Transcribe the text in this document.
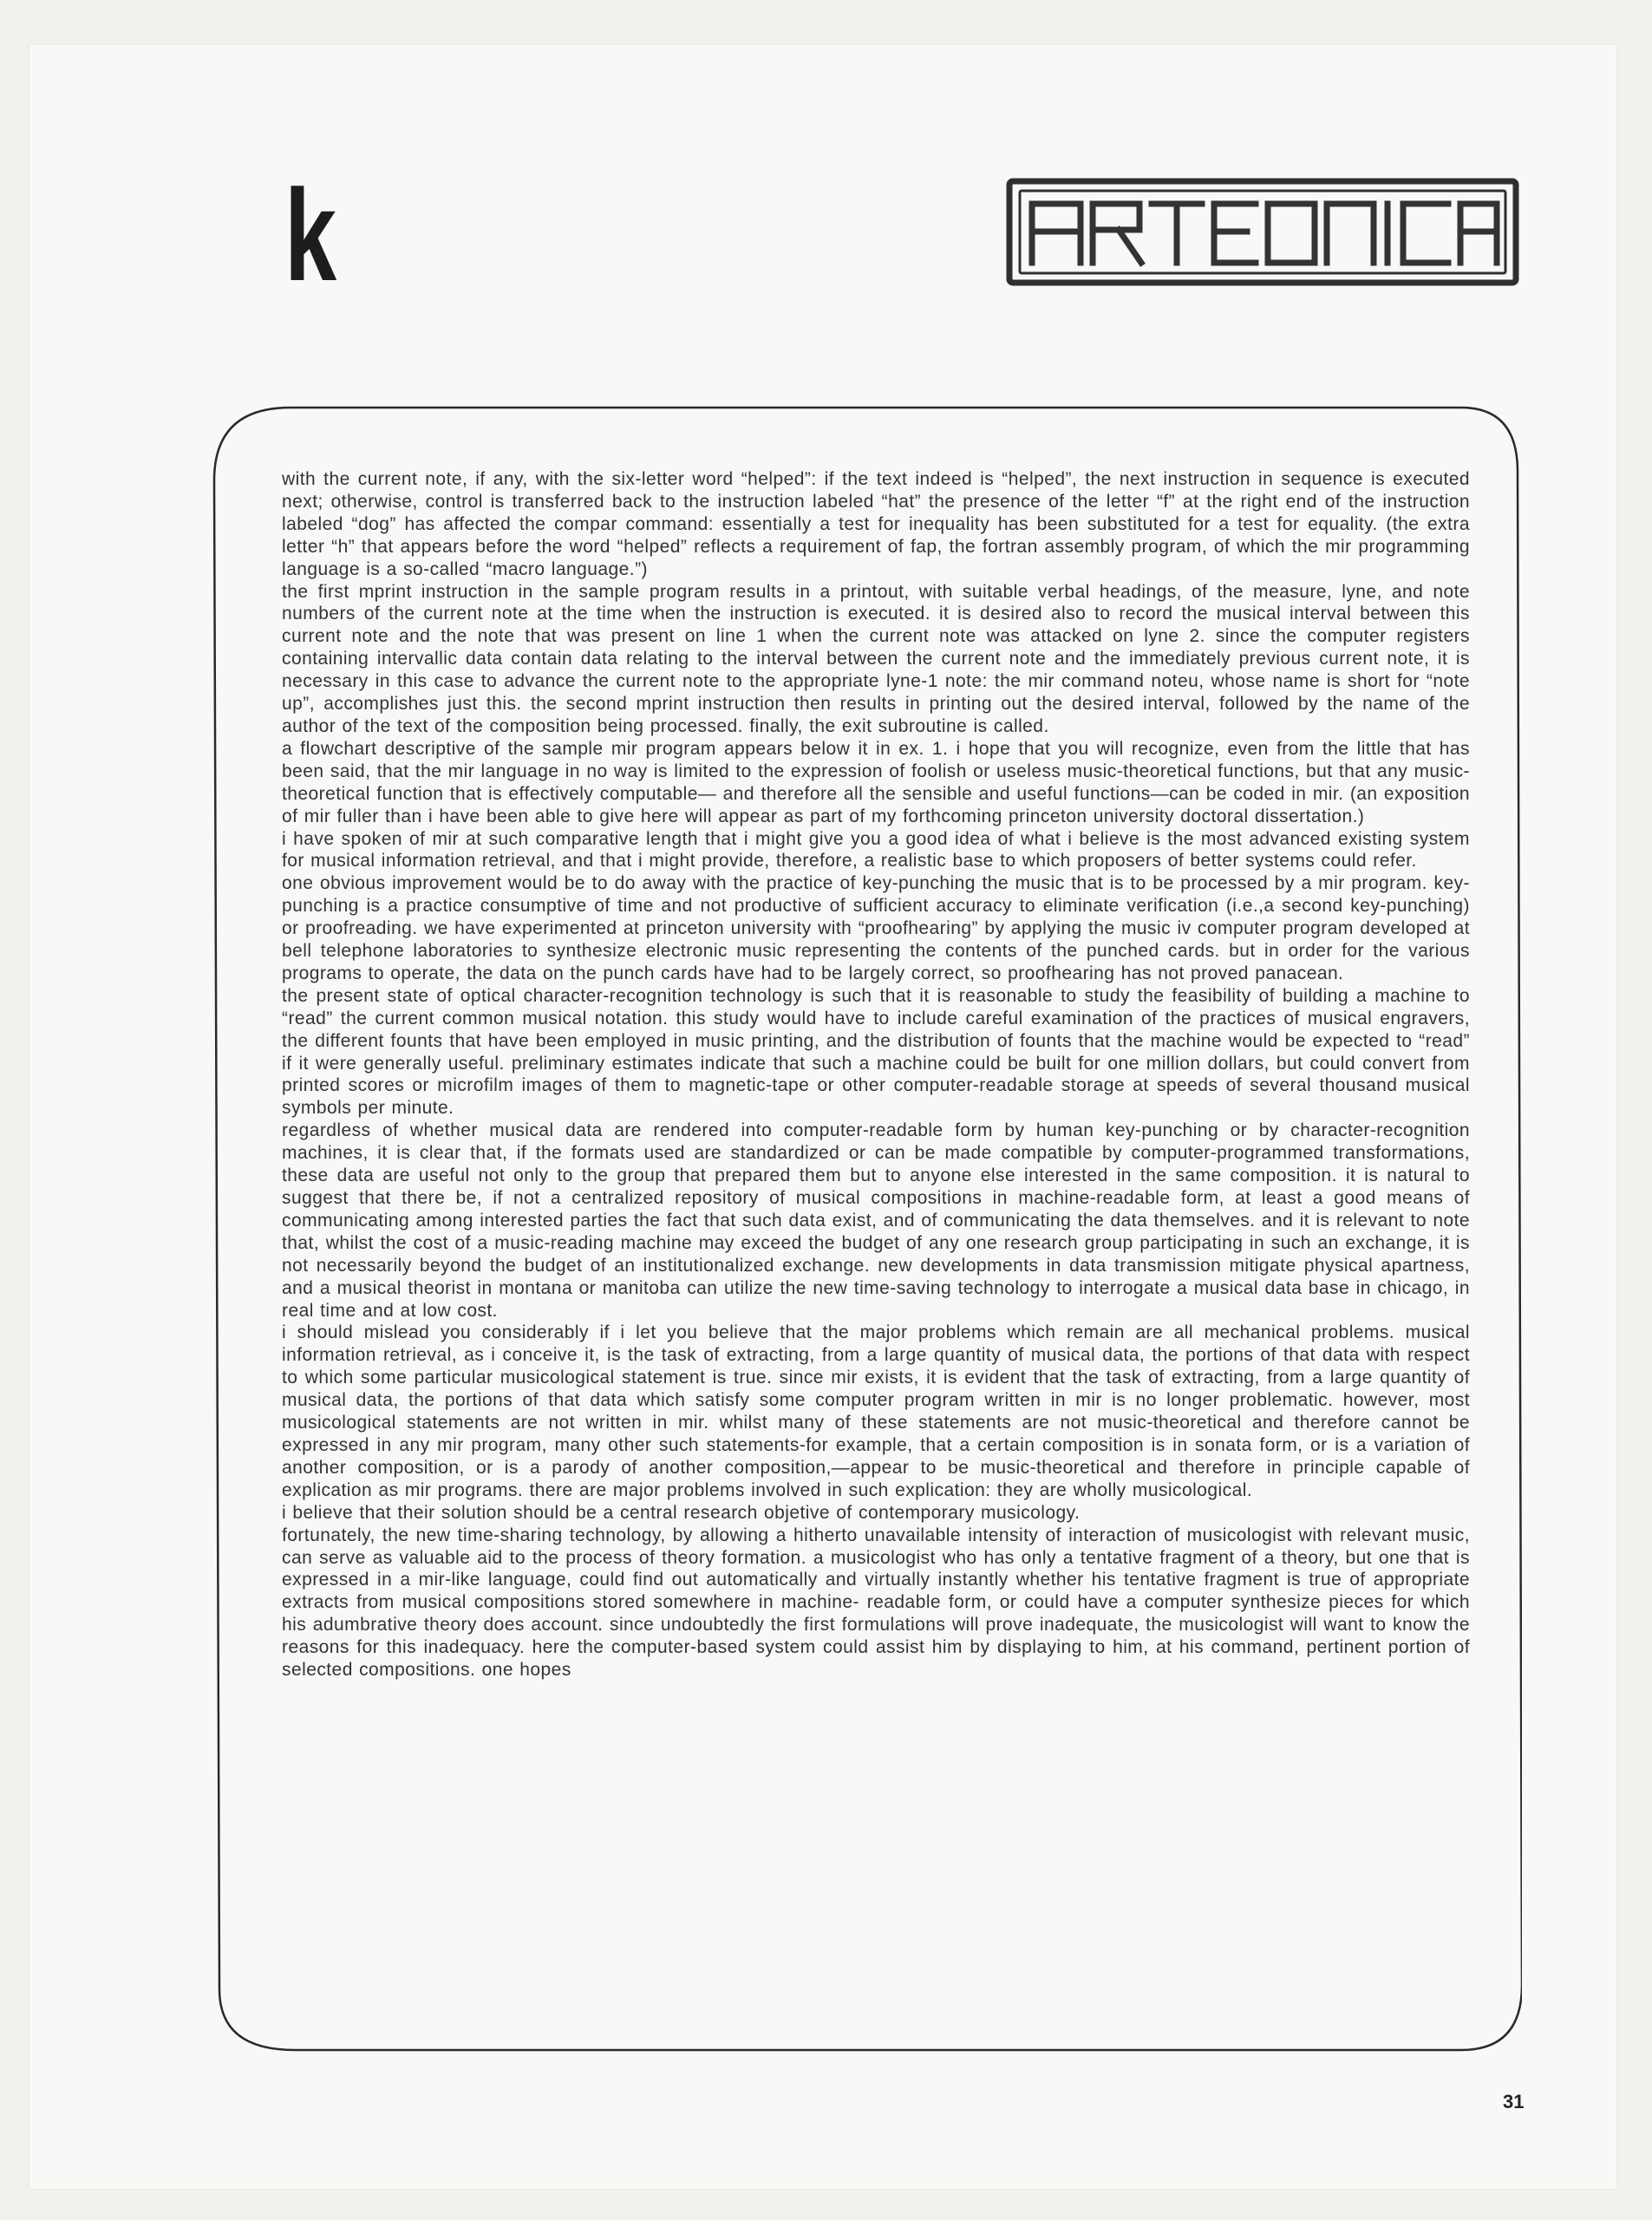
k

with the current note, if any, with the six-letter word “helped”: if the text indeed is “helped”, the next instruction in sequence is executed next; otherwise, control is transferred back to the instruction labeled “hat” the presence of the letter “f” at the right end of the instruction labeled “dog” has affected the compar command: essentially a test for inequality has been substituted for a test for equality. (the extra letter “h” that appears before the word “helped” reflects a requirement of fap, the fortran assembly program, of which the mir programming language is a so-called “macro language.”)

the first mprint instruction in the sample program results in a printout, with suitable verbal headings, of the measure, lyne, and note numbers of the current note at the time when the instruction is executed. it is desired also to record the musical interval between this current note and the note that was present on line 1 when the current note was attacked on lyne 2. since the computer registers containing intervallic data contain data relating to the interval between the current note and the immediately previous current note, it is necessary in this case to advance the current note to the appropriate lyne-1 note: the mir command noteu, whose name is short for “note up”, accomplishes just this. the second mprint instruction then results in printing out the desired interval, followed by the name of the author of the text of the composition being processed. finally, the exit subroutine is called.

a flowchart descriptive of the sample mir program appears below it in ex. 1. i hope that you will recognize, even from the little that has been said, that the mir language in no way is limited to the expression of foolish or useless music-theoretical functions, but that any music-theoretical function that is effectively computable— and therefore all the sensible and useful functions—can be coded in mir. (an exposition of mir fuller than i have been able to give here will appear as part of my forthcoming princeton university doctoral dissertation.)

i have spoken of mir at such comparative length that i might give you a good idea of what i believe is the most advanced existing system for musical information retrieval, and that i might provide, therefore, a realistic base to which proposers of better systems could refer.

one obvious improvement would be to do away with the practice of key-punching the music that is to be processed by a mir program. key-punching is a practice consumptive of time and not productive of sufficient accuracy to eliminate verification (i.e.,a second key-punching) or proofreading. we have experimented at princeton university with “proofhearing” by applying the music iv computer program developed at bell telephone laboratories to synthesize electronic music representing the contents of the punched cards. but in order for the various programs to operate, the data on the punch cards have had to be largely correct, so proofhearing has not proved panacean.

the present state of optical character-recognition technology is such that it is reasonable to study the feasibility of building a machine to “read” the current common musical notation. this study would have to include careful examination of the practices of musical engravers, the different founts that have been employed in music printing, and the distribution of founts that the machine would be expected to “read” if it were generally useful. preliminary estimates indicate that such a machine could be built for one million dollars, but could convert from printed scores or microfilm images of them to magnetic-tape or other computer-readable storage at speeds of several thousand musical symbols per minute.

regardless of whether musical data are rendered into computer-readable form by human key-punching or by character-recognition machines, it is clear that, if the formats used are standardized or can be made compatible by computer-programmed transformations, these data are useful not only to the group that prepared them but to anyone else interested in the same composition. it is natural to suggest that there be, if not a centralized repository of musical compositions in machine-readable form, at least a good means of communicating among interested parties the fact that such data exist, and of communicating the data themselves. and it is relevant to note that, whilst the cost of a music-reading machine may exceed the budget of any one research group participating in such an exchange, it is not necessarily beyond the budget of an institutionalized exchange. new developments in data transmission mitigate physical apartness, and a musical theorist in montana or manitoba can utilize the new time-saving technology to interrogate a musical data base in chicago, in real time and at low cost.

i should mislead you considerably if i let you believe that the major problems which remain are all mechanical problems. musical information retrieval, as i conceive it, is the task of extracting, from a large quantity of musical data, the portions of that data with respect to which some particular musicological statement is true. since mir exists, it is evident that the task of extracting, from a large quantity of musical data, the portions of that data which satisfy some computer program written in mir is no longer problematic. however, most musicological statements are not written in mir. whilst many of these statements are not music-theoretical and therefore cannot be expressed in any mir program, many other such statements-for example, that a certain composition is in sonata form, or is a variation of another composition, or is a parody of another composition,—appear to be music-theoretical and therefore in principle capable of explication as mir programs. there are major problems involved in such explication: they are wholly musicological.

i believe that their solution should be a central research objetive of contemporary musicology.

fortunately, the new time-sharing technology, by allowing a hitherto unavailable intensity of interaction of musicologist with relevant music, can serve as valuable aid to the process of theory formation. a musicologist who has only a tentative fragment of a theory, but one that is expressed in a mir-like language, could find out automatically and virtually instantly whether his tentative fragment is true of appropriate extracts from musical compositions stored somewhere in machine- readable form, or could have a computer synthesize pieces for which his adumbrative theory does account. since undoubtedly the first formulations will prove inadequate, the musicologist will want to know the reasons for this inadequacy. here the computer-based system could assist him by displaying to him, at his command, pertinent portion of selected compositions. one hopes

31
